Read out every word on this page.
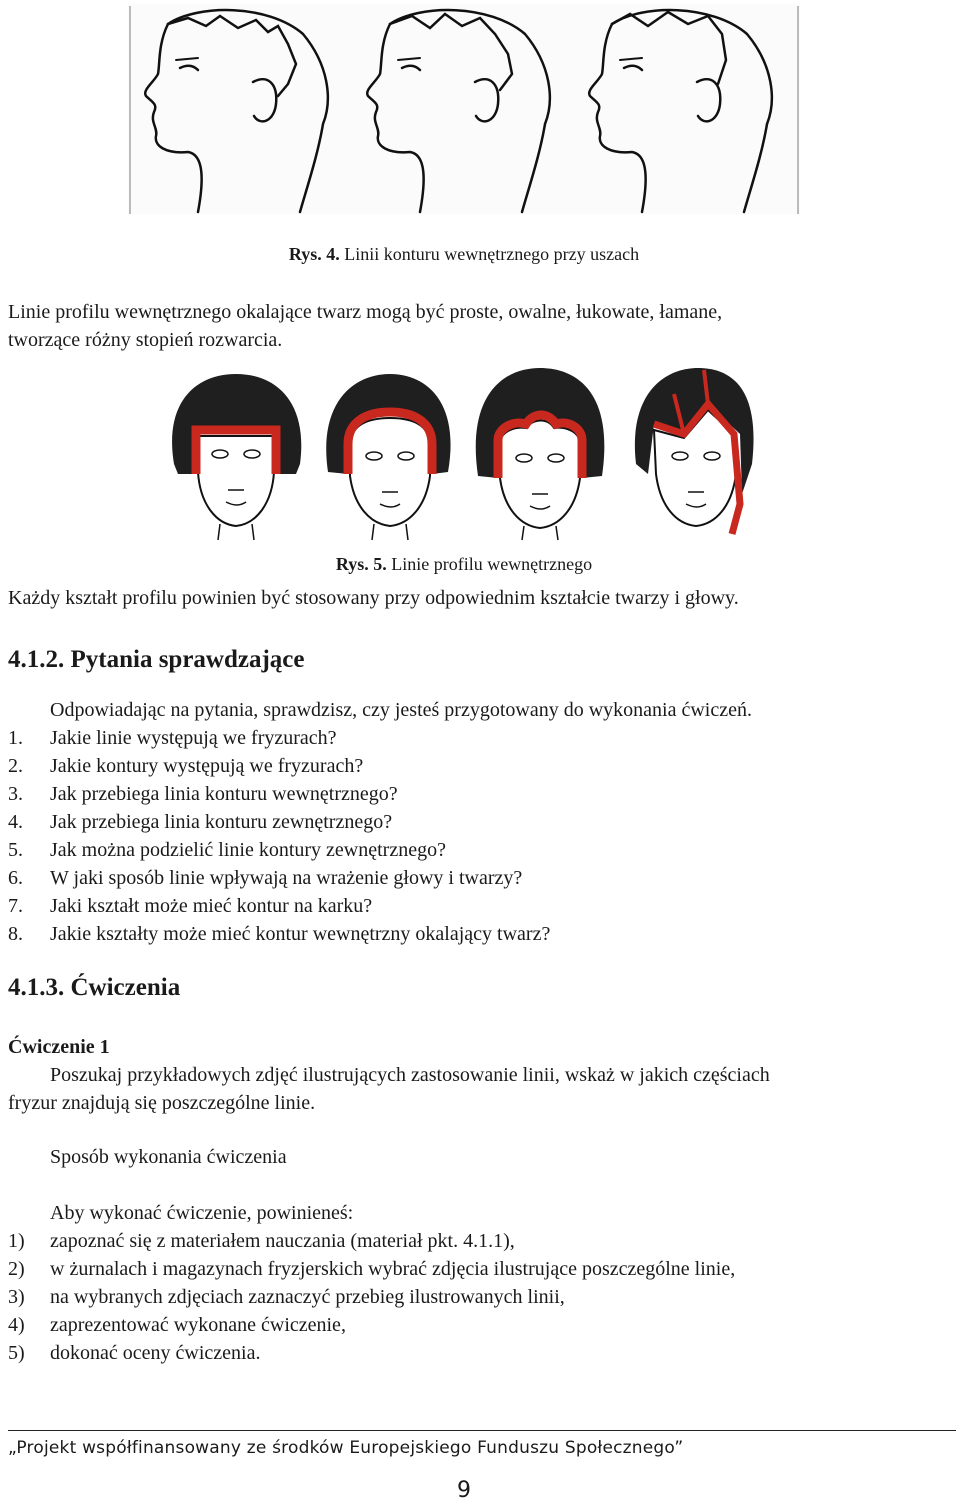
Rys. 4. Linii konturu wewnętrznego przy uszach
Linie profilu wewnętrznego okalające twarz mogą być proste, owalne, łukowate, łamane,
tworzące różny stopień rozwarcia.
Rys. 5. Linie profilu wewnętrznego
Każdy kształt profilu powinien być stosowany przy odpowiednim kształcie twarzy i głowy.
4.1.2. Pytania sprawdzające
Odpowiadając na pytania, sprawdzisz, czy jesteś przygotowany do wykonania ćwiczeń.
1. Jakie linie występują we fryzurach?
2. Jakie kontury występują we fryzurach?
3. Jak przebiega linia konturu wewnętrznego?
4. Jak przebiega linia konturu zewnętrznego?
5. Jak można podzielić linie kontury zewnętrznego?
6. W jaki sposób linie wpływają na wrażenie głowy i twarzy?
7. Jaki kształt może mieć kontur na karku?
8. Jakie kształty może mieć kontur wewnętrzny okalający twarz?
4.1.3. Ćwiczenia
Ćwiczenie 1
Poszukaj przykładowych zdjęć ilustrujących zastosowanie linii, wskaż w jakich częściach
fryzur znajdują się poszczególne linie.
Sposób wykonania ćwiczenia
Aby wykonać ćwiczenie, powinieneś:
1) zapoznać się z materiałem nauczania (materiał pkt. 4.1.1),
2) w żurnalach i magazynach fryzjerskich wybrać zdjęcia ilustrujące poszczególne linie,
3) na wybranych zdjęciach zaznaczyć przebieg ilustrowanych linii,
4) zaprezentować wykonane ćwiczenie,
5) dokonać oceny ćwiczenia.
„Projekt współfinansowany ze środków Europejskiego Funduszu Społecznego”
9
